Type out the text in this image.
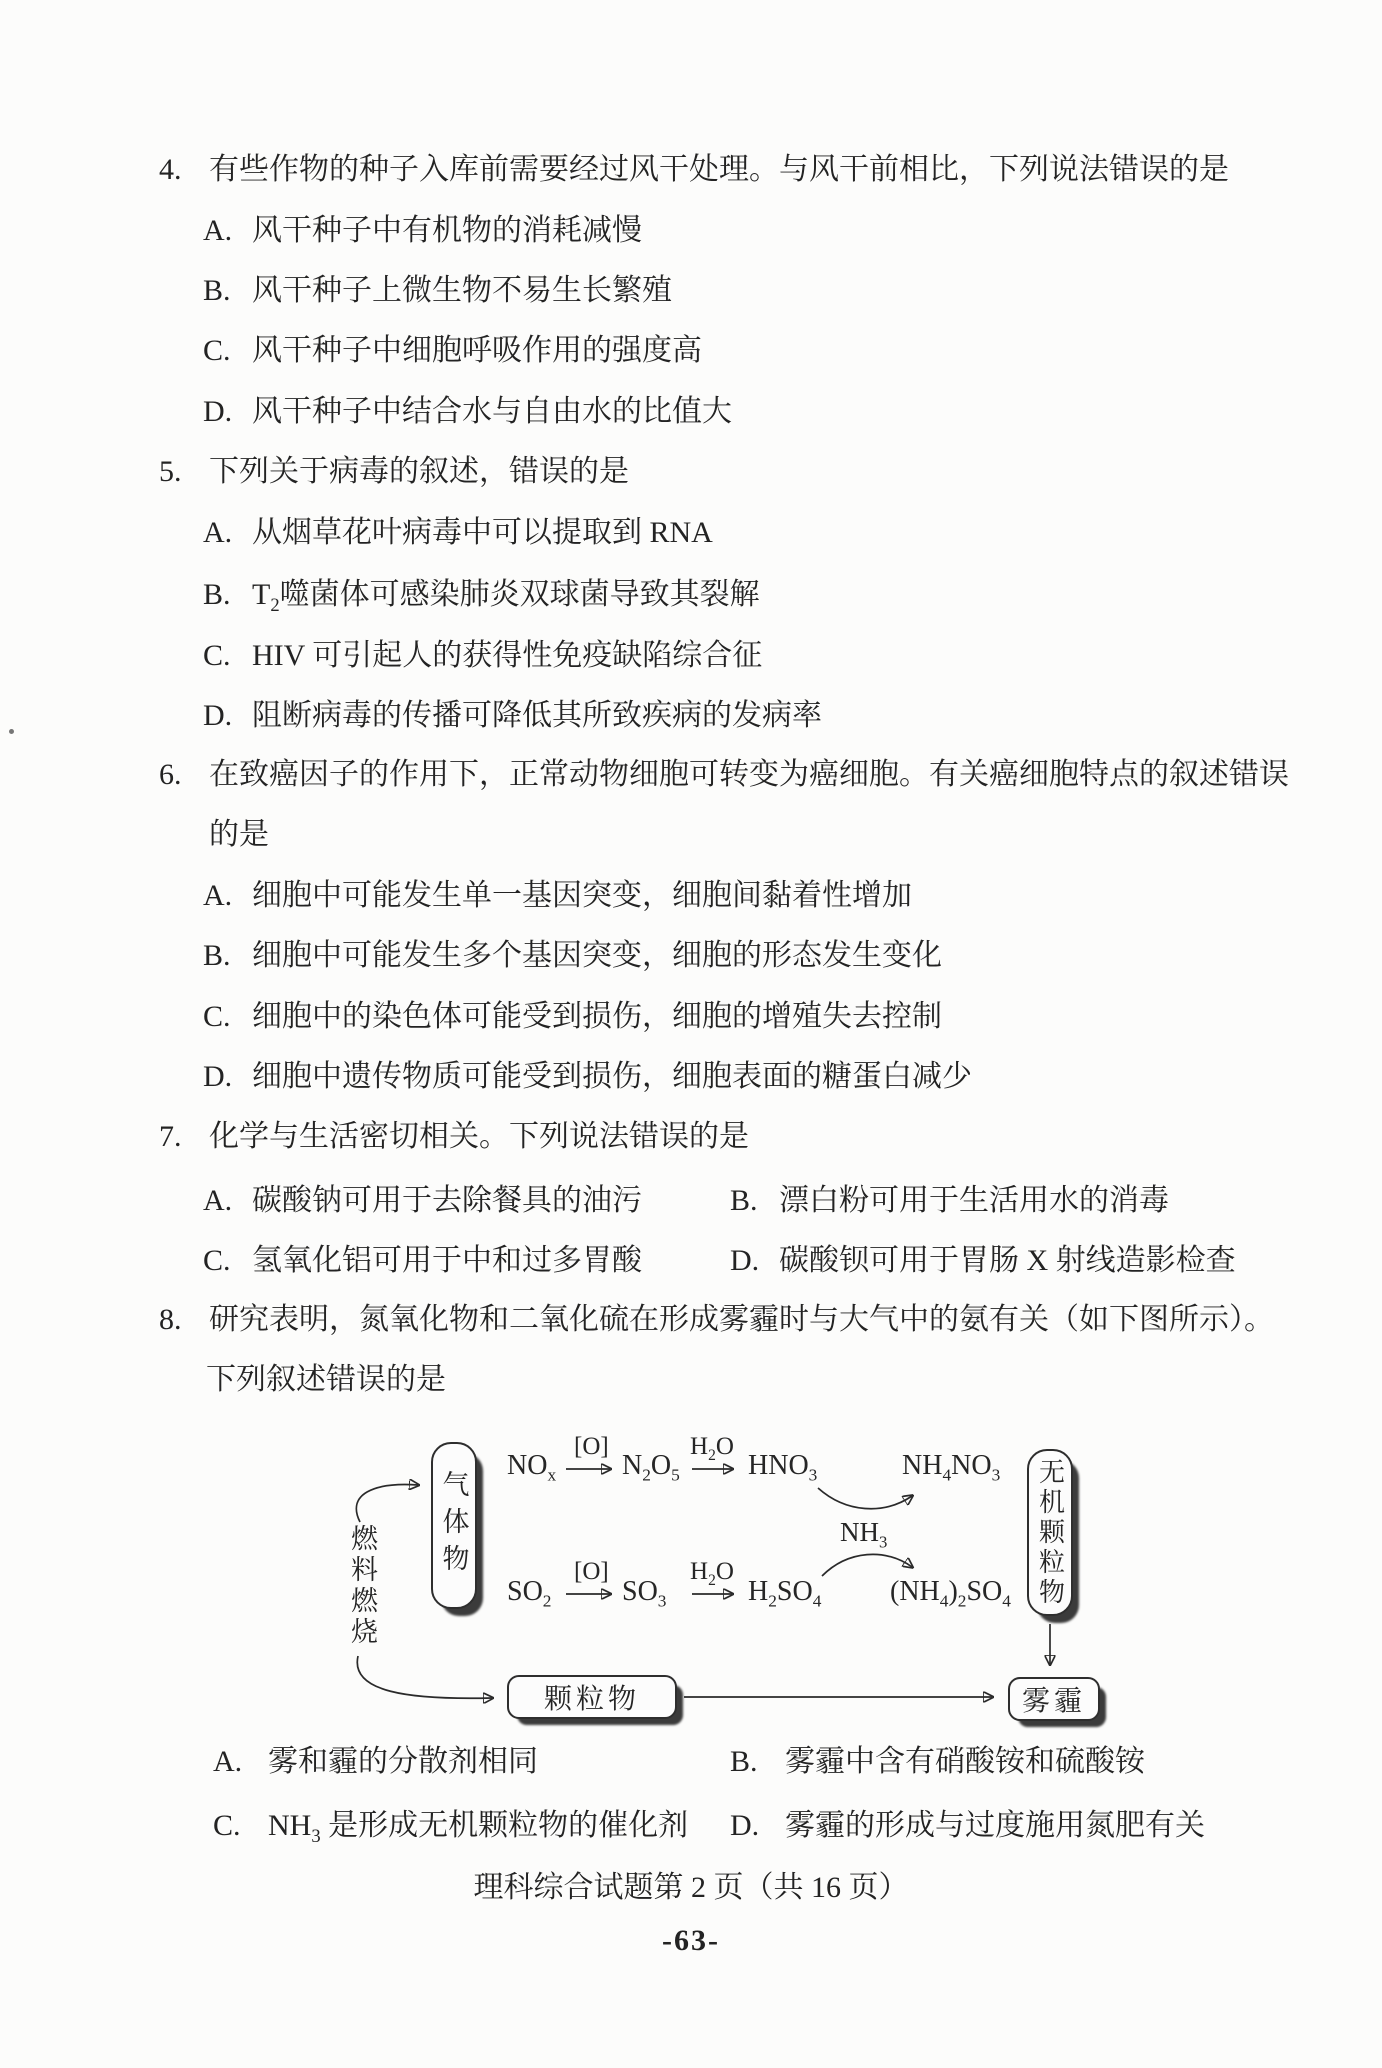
4. 有些作物的种子入库前需要经过风干处理。与风干前相比，下列说法错误的是
A. 风干种子中有机物的消耗减慢
B. 风干种子上微生物不易生长繁殖
C. 风干种子中细胞呼吸作用的强度高
D. 风干种子中结合水与自由水的比值大
5. 下列关于病毒的叙述，错误的是
A. 从烟草花叶病毒中可以提取到 RNA
B. $T_2$噬菌体可感染肺炎双球菌导致其裂解
C. HIV 可引起人的获得性免疫缺陷综合征
D. 阻断病毒的传播可降低其所致疾病的发病率
6. 在致癌因子的作用下，正常动物细胞可转变为癌细胞。有关癌细胞特点的叙述错误
的是
A. 细胞中可能发生单一基因突变，细胞间黏着性增加
B. 细胞中可能发生多个基因突变，细胞的形态发生变化
C. 细胞中的染色体可能受到损伤，细胞的增殖失去控制
D. 细胞中遗传物质可能受到损伤，细胞表面的糖蛋白减少
7. 化学与生活密切相关。下列说法错误的是
A. 碳酸钠可用于去除餐具的油污	B. 漂白粉可用于生活用水的消毒
C. 氢氧化铝可用于中和过多胃酸	D. 碳酸钡可用于胃肠 X 射线造影检查
8. 研究表明，氮氧化物和二氧化硫在形成雾霾时与大气中的氨有关（如下图所示）。
下列叙述错误的是
燃料燃烧 气体物	无机颗粒物
颗粒物	雾霾
$NO_x$
[O]
$N_2O_5$
$H_2O$
$HNO_3$	$NH_4NO_3$
$NH_3$
$SO_2$
[O]
$SO_3$
$H_2O$
$H_2SO_4$ $(NH_4)_2SO_4$
A. 雾和霾的分散剂相同	B. 雾霾中含有硝酸铵和硫酸铵
C. $NH_3$ 是形成无机颗粒物的催化剂 D. 雾霾的形成与过度施用氮肥有关
理科综合试题第 2 页（共 16 页）
-63-
